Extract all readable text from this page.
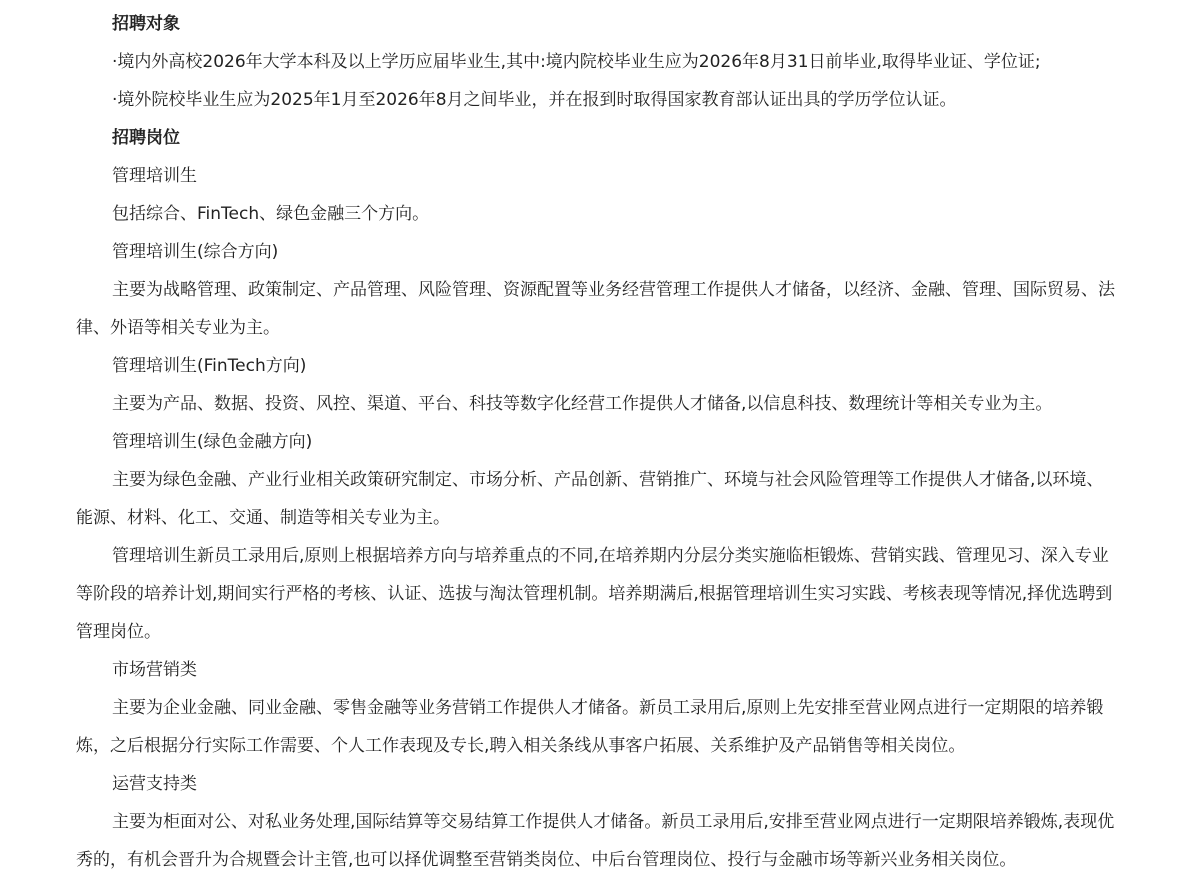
招聘对象

·境内外高校2026年大学本科及以上学历应届毕业生,其中:境内院校毕业生应为2026年8月31日前毕业,取得毕业证、学位证;

·境外院校毕业生应为2025年1月至2026年8月之间毕业，并在报到时取得国家教育部认证出具的学历学位认证。

招聘岗位

管理培训生

包括综合、FinTech、绿色金融三个方向。

管理培训生(综合方向)

主要为战略管理、政策制定、产品管理、风险管理、资源配置等业务经营管理工作提供人才储备，以经济、金融、管理、国际贸易、法律、外语等相关专业为主。

管理培训生(FinTech方向)

主要为产品、数据、投资、风控、渠道、平台、科技等数字化经营工作提供人才储备,以信息科技、数理统计等相关专业为主。

管理培训生(绿色金融方向)

主要为绿色金融、产业行业相关政策研究制定、市场分析、产品创新、营销推广、环境与社会风险管理等工作提供人才储备,以环境、能源、材料、化工、交通、制造等相关专业为主。

管理培训生新员工录用后,原则上根据培养方向与培养重点的不同,在培养期内分层分类实施临柜锻炼、营销实践、管理见习、深入专业等阶段的培养计划,期间实行严格的考核、认证、选拔与淘汰管理机制。培养期满后,根据管理培训生实习实践、考核表现等情况,择优选聘到管理岗位。

市场营销类

主要为企业金融、同业金融、零售金融等业务营销工作提供人才储备。新员工录用后,原则上先安排至营业网点进行一定期限的培养锻炼，之后根据分行实际工作需要、个人工作表现及专长,聘入相关条线从事客户拓展、关系维护及产品销售等相关岗位。

运营支持类

主要为柜面对公、对私业务处理,国际结算等交易结算工作提供人才储备。新员工录用后,安排至营业网点进行一定期限培养锻炼,表现优秀的，有机会晋升为合规暨会计主管,也可以择优调整至营销类岗位、中后台管理岗位、投行与金融市场等新兴业务相关岗位。
